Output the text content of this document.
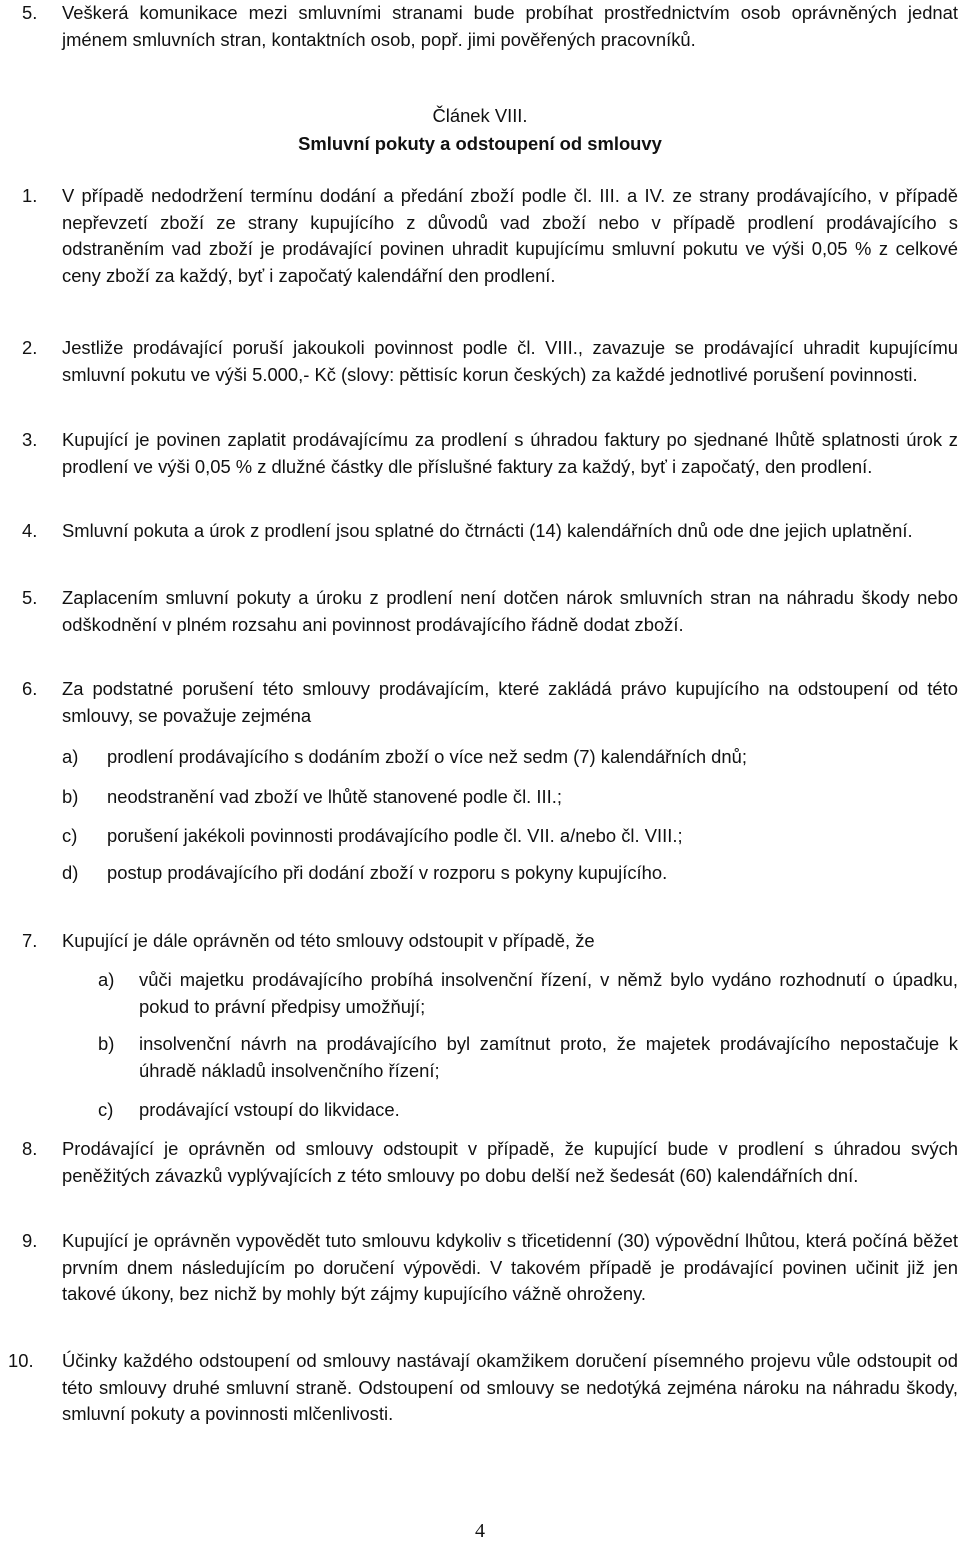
5. Veškerá komunikace mezi smluvními stranami bude probíhat prostřednictvím osob oprávněných jednat jménem smluvních stran, kontaktních osob, popř. jimi pověřených pracovníků.
Článek VIII.
Smluvní pokuty a odstoupení od smlouvy
1. V případě nedodržení termínu dodání a předání zboží podle čl. III. a IV. ze strany prodávajícího, v případě nepřevzetí zboží ze strany kupujícího z důvodů vad zboží nebo v případě prodlení prodávajícího s odstraněním vad zboží je prodávající povinen uhradit kupujícímu smluvní pokutu ve výši 0,05 % z celkové ceny zboží za každý, byť i započatý kalendářní den prodlení.
2. Jestliže prodávající poruší jakoukoli povinnost podle čl. VIII., zavazuje se prodávající uhradit kupujícímu smluvní pokutu ve výši 5.000,- Kč (slovy: pěttisíc korun českých) za každé jednotlivé porušení povinnosti.
3. Kupující je povinen zaplatit prodávajícímu za prodlení s úhradou faktury po sjednané lhůtě splatnosti úrok z prodlení ve výši 0,05 % z dlužné částky dle příslušné faktury za každý, byť i započatý, den prodlení.
4. Smluvní pokuta a úrok z prodlení jsou splatné do čtrnácti (14) kalendářních dnů ode dne jejich uplatnění.
5. Zaplacením smluvní pokuty a úroku z prodlení není dotčen nárok smluvních stran na náhradu škody nebo odškodnění v plném rozsahu ani povinnost prodávajícího řádně dodat zboží.
6. Za podstatné porušení této smlouvy prodávajícím, které zakládá právo kupujícího na odstoupení od této smlouvy, se považuje zejména
a) prodlení prodávajícího s dodáním zboží o více než sedm (7) kalendářních dnů;
b) neodstranění vad zboží ve lhůtě stanovené podle čl. III.;
c) porušení jakékoli povinnosti prodávajícího podle čl. VII. a/nebo čl. VIII.;
d) postup prodávajícího při dodání zboží v rozporu s pokyny kupujícího.
7. Kupující je dále oprávněn od této smlouvy odstoupit v případě, že
a) vůči majetku prodávajícího probíhá insolvenční řízení, v němž bylo vydáno rozhodnutí o úpadku, pokud to právní předpisy umožňují;
b) insolvenční návrh na prodávajícího byl zamítnut proto, že majetek prodávajícího nepostačuje k úhradě nákladů insolvenčního řízení;
c) prodávající vstoupí do likvidace.
8. Prodávající je oprávněn od smlouvy odstoupit v případě, že kupující bude v prodlení s úhradou svých peněžitých závazků vyplývajících z této smlouvy po dobu delší než šedesát (60) kalendářních dní.
9. Kupující je oprávněn vypovědět tuto smlouvu kdykoliv s třicetidenní (30) výpovědní lhůtou, která počíná běžet prvním dnem následujícím po doručení výpovědi. V takovém případě je prodávající povinen učinit již jen takové úkony, bez nichž by mohly být zájmy kupujícího vážně ohroženy.
10. Účinky každého odstoupení od smlouvy nastávají okamžikem doručení písemného projevu vůle odstoupit od této smlouvy druhé smluvní straně. Odstoupení od smlouvy se nedotýká zejména nároku na náhradu škody, smluvní pokuty a povinnosti mlčenlivosti.
4
